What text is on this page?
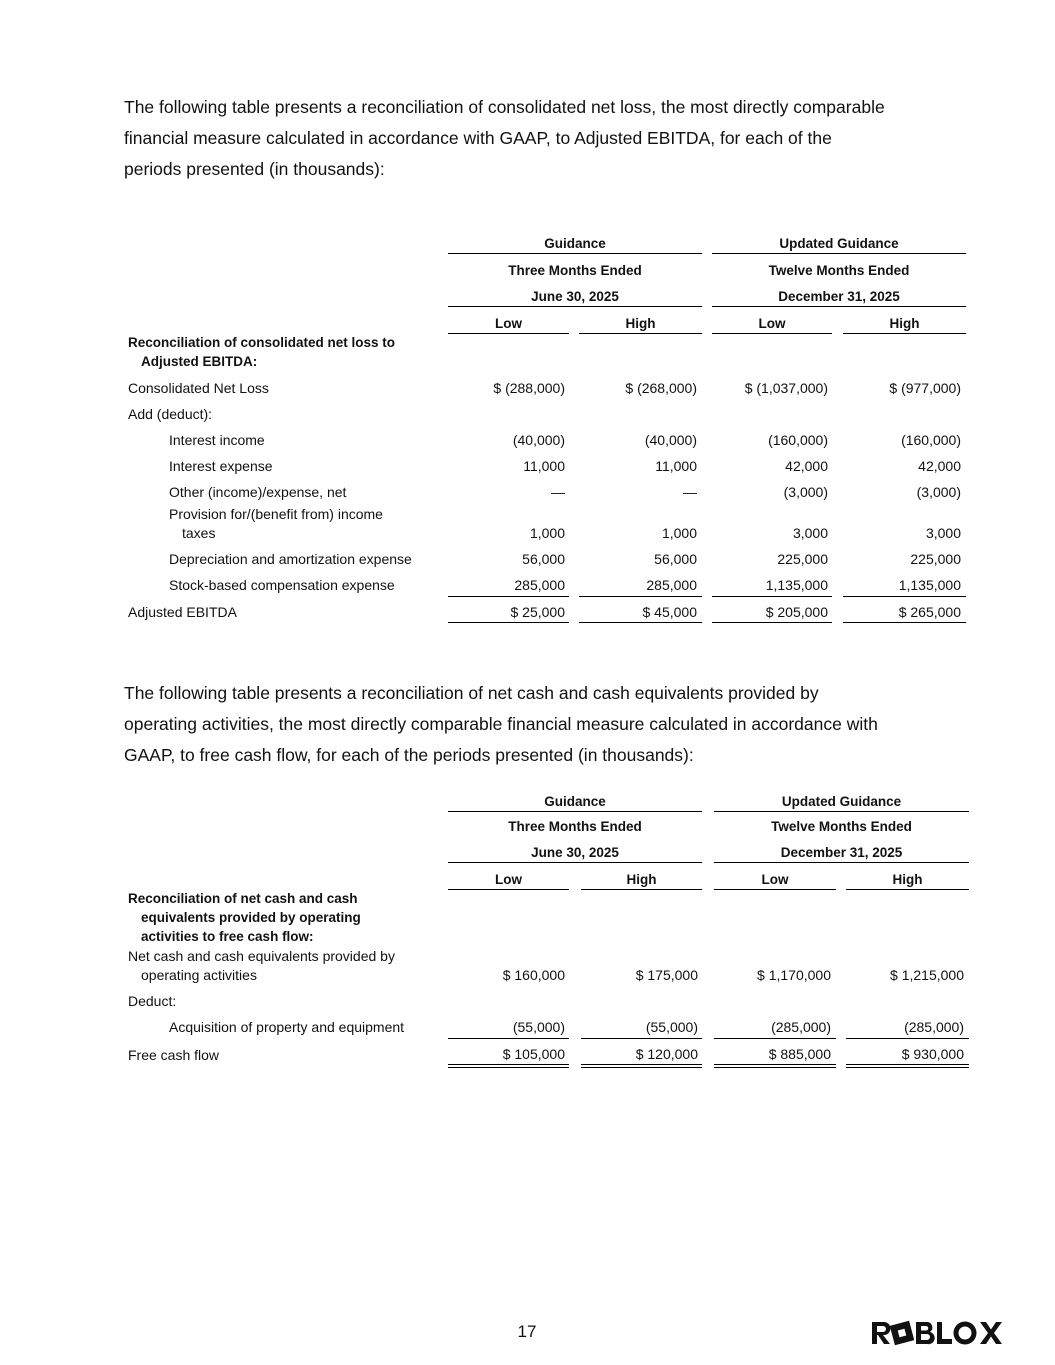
The following table presents a reconciliation of consolidated net loss, the most directly comparable
financial measure calculated in accordance with GAAP, to Adjusted EBITDA, for each of the
periods presented (in thousands):
Guidance	Updated Guidance
Three Months Ended	Twelve Months Ended
June 30, 2025	December 31, 2025
Low	High	Low	High
Reconciliation of consolidated net loss to
Adjusted EBITDA:
Consolidated Net Loss	$ (288,000)	$ (268,000)	$ (1,037,000)	$ (977,000)
Add (deduct):
Interest income	(40,000)	(40,000)	(160,000)	(160,000)
Interest expense	11,000	11,000	42,000	42,000
Other (income)/expense, net	—	—	(3,000)	(3,000)
Provision for/(benefit from) income
taxes	1,000	1,000	3,000	3,000
Depreciation and amortization expense	56,000	56,000	225,000	225,000
Stock-based compensation expense	285,000	285,000	1,135,000	1,135,000
Adjusted EBITDA	$ 25,000	$ 45,000	$ 205,000	$ 265,000
The following table presents a reconciliation of net cash and cash equivalents provided by
operating activities, the most directly comparable financial measure calculated in accordance with
GAAP, to free cash flow, for each of the periods presented (in thousands):
Guidance	Updated Guidance
Three Months Ended	Twelve Months Ended
June 30, 2025	December 31, 2025
Low	High	Low	High
Reconciliation of net cash and cash
equivalents provided by operating
activities to free cash flow:
Net cash and cash equivalents provided by
operating activities	$ 160,000	$ 175,000	$ 1,170,000	$ 1,215,000
Deduct:
Acquisition of property and equipment	(55,000)	(55,000)	(285,000)	(285,000)
Free cash flow	$ 105,000	$ 120,000	$ 885,000	$ 930,000
17
